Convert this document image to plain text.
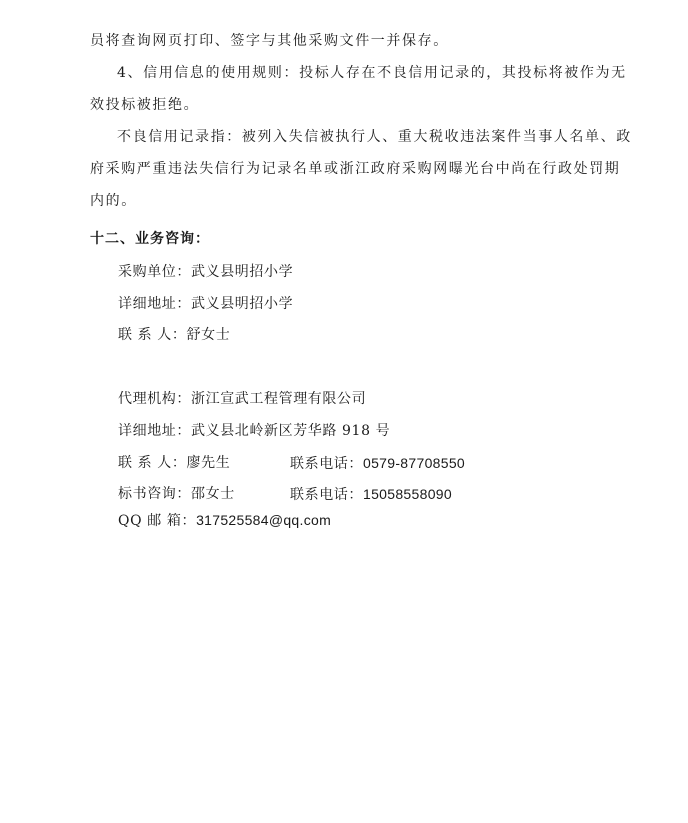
员将查询网页打印、签字与其他采购文件一并保存。
4、信用信息的使用规则：投标人存在不良信用记录的，其投标将被作为无
效投标被拒绝。
不良信用记录指：被列入失信被执行人、重大税收违法案件当事人名单、政
府采购严重违法失信行为记录名单或浙江政府采购网曝光台中尚在行政处罚期
内的。
十二、业务咨询：
采购单位：武义县明招小学
详细地址：武义县明招小学
联 系 人：舒女士
代理机构：浙江宣武工程管理有限公司
详细地址：武义县北岭新区芳华路 918 号
联 系 人：廖先生	联系电话：0579-87708550
标书咨询：邵女士	联系电话：15058558090
QQ 邮 箱：317525584@qq.com
